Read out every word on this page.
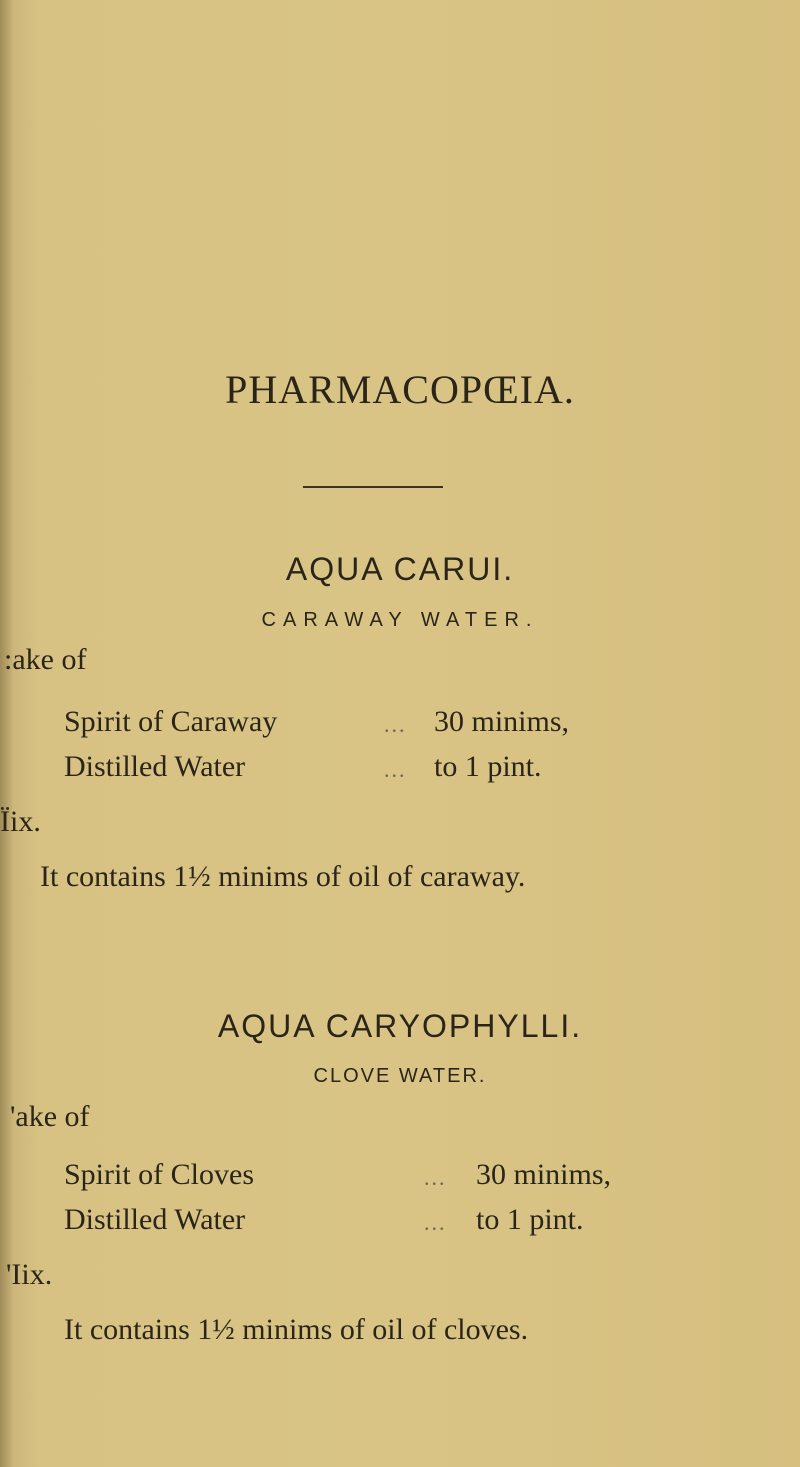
PHARMACOPŒIA.
AQUA CARUI.
CARAWAY WATER.
:ake of
Spirit of Caraway	... 30 minims,
Distilled Water	... to 1 pint.
Ïix.
It contains 1½ minims of oil of caraway.
AQUA CARYOPHYLLI.
CLOVE WATER.
'ake of
Spirit of Cloves	... 30 minims,
Distilled Water	... to 1 pint.
'Iix.
It contains 1½ minims of oil of cloves.
